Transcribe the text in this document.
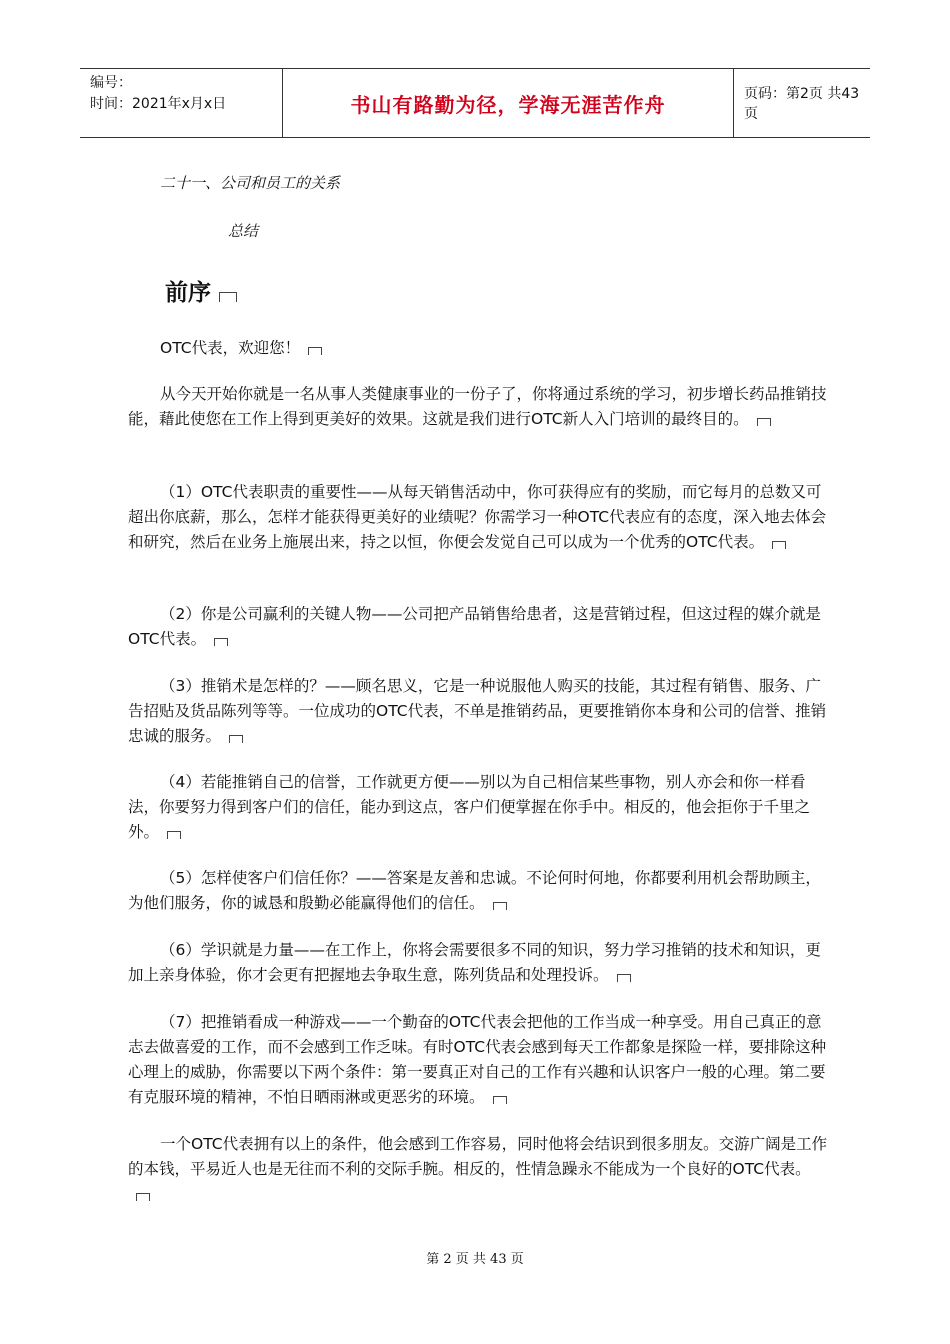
编号：
时间：2021年x月x日	书山有路勤为径，学海无涯苦作舟	页码：第2页 共43页
二十一、公司和员工的关系
总结
前序

OTC代表，欢迎您！

从今天开始你就是一名从事人类健康事业的一份子了，你将通过系统的学习，初步增长药品推销技能，藉此使您在工作上得到更美好的效果。这就是我们进行OTC新人入门培训的最终目的。

（1）OTC代表职责的重要性——从每天销售活动中，你可获得应有的奖励，而它每月的总数又可超出你底薪，那么，怎样才能获得更美好的业绩呢？你需学习一种OTC代表应有的态度，深入地去体会和研究，然后在业务上施展出来，持之以恒，你便会发觉自己可以成为一个优秀的OTC代表。

（2）你是公司赢利的关键人物——公司把产品销售给患者，这是营销过程，但这过程的媒介就是OTC代表。

（3）推销术是怎样的？——顾名思义，它是一种说服他人购买的技能，其过程有销售、服务、广告招贴及货品陈列等等。一位成功的OTC代表，不单是推销药品，更要推销你本身和公司的信誉、推销忠诚的服务。

（4）若能推销自己的信誉，工作就更方便——别以为自己相信某些事物，别人亦会和你一样看法，你要努力得到客户们的信任，能办到这点，客户们便掌握在你手中。相反的，他会拒你于千里之外。

（5）怎样使客户们信任你？——答案是友善和忠诚。不论何时何地，你都要利用机会帮助顾主，为他们服务，你的诚恳和殷勤必能赢得他们的信任。

（6）学识就是力量——在工作上，你将会需要很多不同的知识，努力学习推销的技术和知识，更加上亲身体验，你才会更有把握地去争取生意，陈列货品和处理投诉。

（7）把推销看成一种游戏——一个勤奋的OTC代表会把他的工作当成一种享受。用自己真正的意志去做喜爱的工作，而不会感到工作乏味。有时OTC代表会感到每天工作都象是探险一样，要排除这种心理上的威胁，你需要以下两个条件：第一要真正对自己的工作有兴趣和认识客户一般的心理。第二要有克服环境的精神，不怕日晒雨淋或更恶劣的环境。

一个OTC代表拥有以上的条件，他会感到工作容易，同时他将会结识到很多朋友。交游广阔是工作的本钱，平易近人也是无往而不利的交际手腕。相反的，性情急躁永不能成为一个良好的OTC代表。

第 2 页 共 43 页
